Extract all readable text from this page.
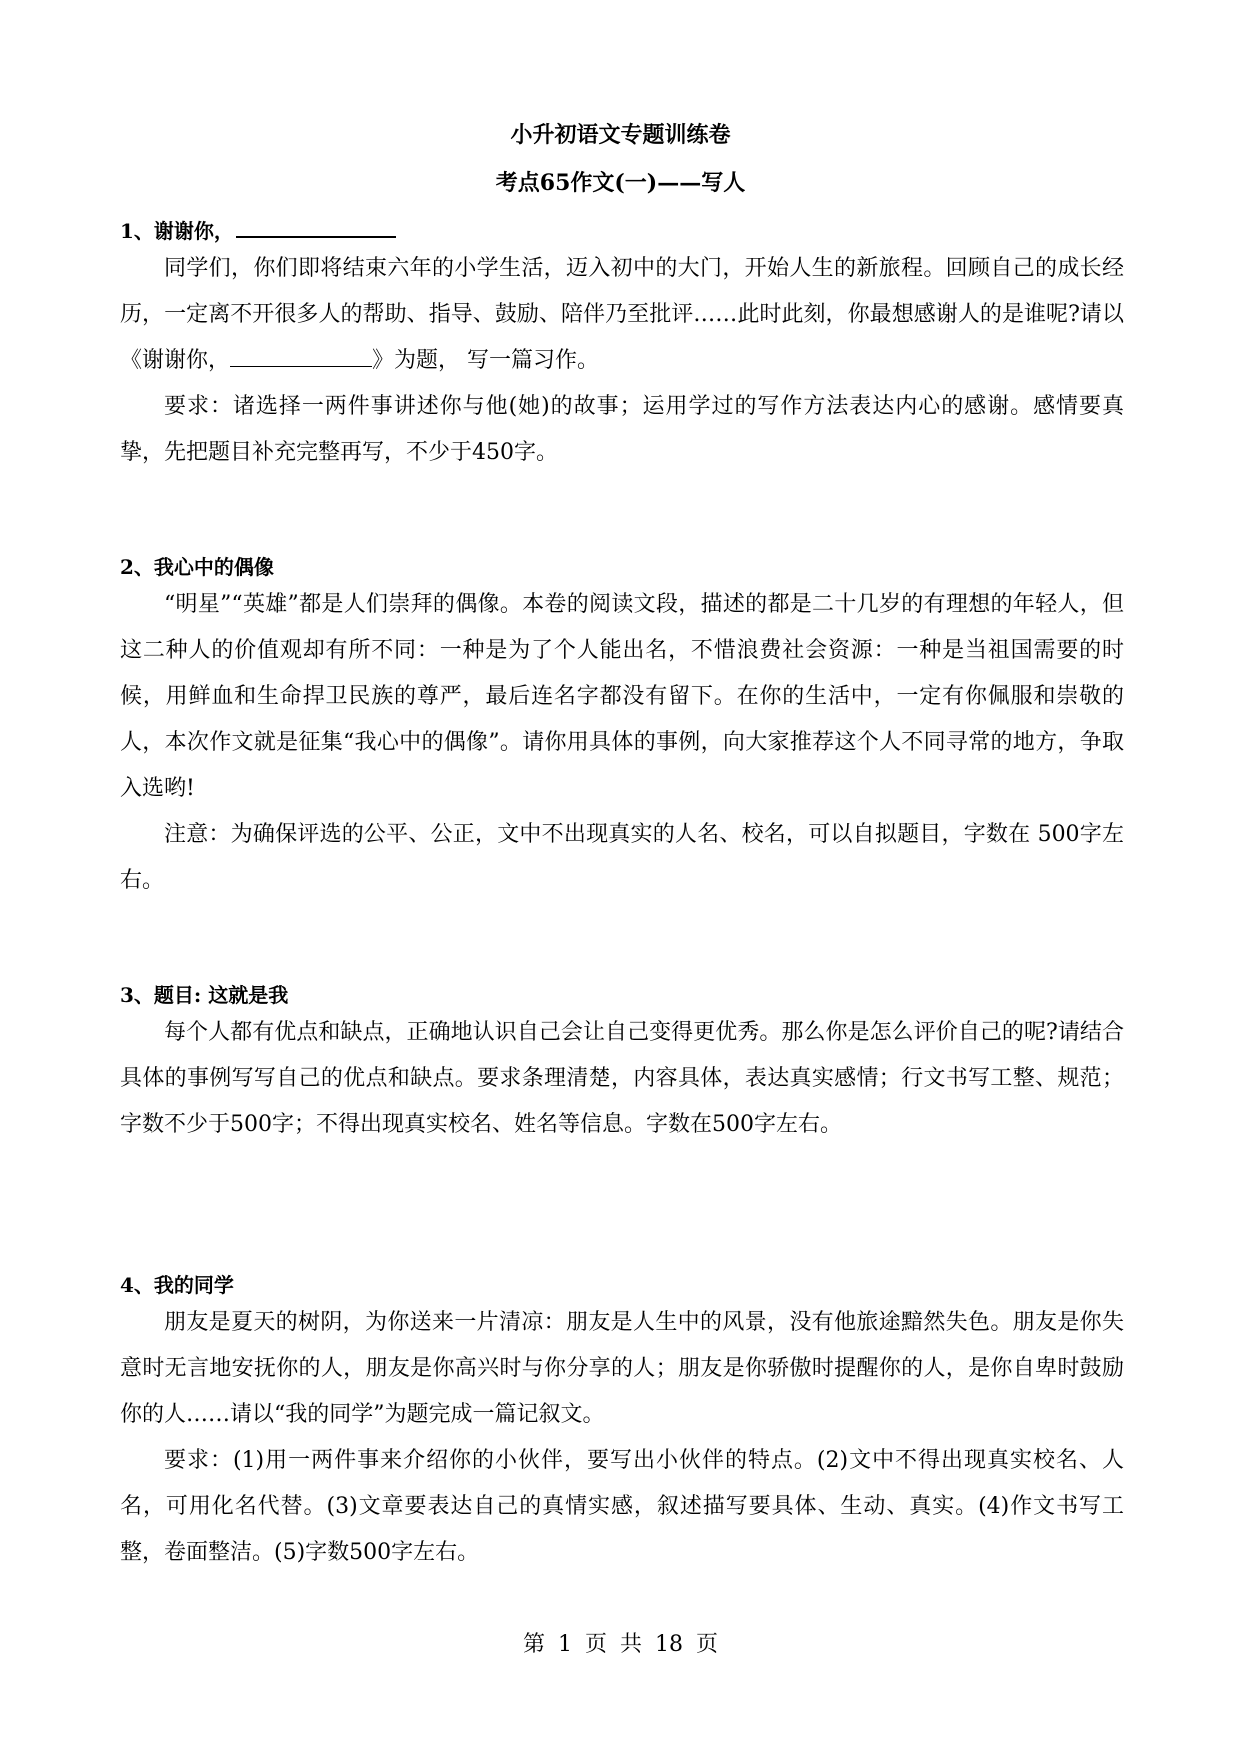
小升初语文专题训练卷
考点65作文(一)——写人
1、谢谢你，

同学们，你们即将结束六年的小学生活，迈入初中的大门，开始人生的新旅程。回顾自己的成长经历，一定离不开很多人的帮助、指导、鼓励、陪伴乃至批评……此时此刻，你最想感谢人的是谁呢?请以《谢谢你，	》为题， 写一篇习作。

要求：诸选择一两件事讲述你与他(她)的故事；运用学过的写作方法表达内心的感谢。感情要真挚，先把题目补充完整再写，不少于450字。

2、我心中的偶像

“明星”“英雄”都是人们崇拜的偶像。本卷的阅读文段，描述的都是二十几岁的有理想的年轻人，但这二种人的价值观却有所不同：一种是为了个人能出名，不惜浪费社会资源：一种是当祖国需要的时候，用鲜血和生命捍卫民族的尊严，最后连名字都没有留下。在你的生活中，一定有你佩服和崇敬的人，本次作文就是征集“我心中的偶像”。请你用具体的事例，向大家推荐这个人不同寻常的地方，争取入选哟!

注意：为确保评选的公平、公正，文中不出现真实的人名、校名，可以自拟题目，字数在 500字左右。

3、题目: 这就是我

每个人都有优点和缺点，正确地认识自己会让自己变得更优秀。那么你是怎么评价自己的呢?请结合具体的事例写写自己的优点和缺点。要求条理清楚，内容具体，表达真实感情；行文书写工整、规范；字数不少于500字；不得出现真实校名、姓名等信息。字数在500字左右。

4、我的同学

朋友是夏天的树阴，为你送来一片清凉：朋友是人生中的风景，没有他旅途黯然失色。朋友是你失意时无言地安抚你的人，朋友是你高兴时与你分享的人；朋友是你骄傲时提醒你的人，是你自卑时鼓励你的人……请以“我的同学”为题完成一篇记叙文。

要求：(1)用一两件事来介绍你的小伙伴，要写出小伙伴的特点。(2)文中不得出现真实校名、人名，可用化名代替。(3)文章要表达自己的真情实感，叙述描写要具体、生动、真实。(4)作文书写工整，卷面整洁。(5)字数500字左右。

第 1 页 共 18 页
